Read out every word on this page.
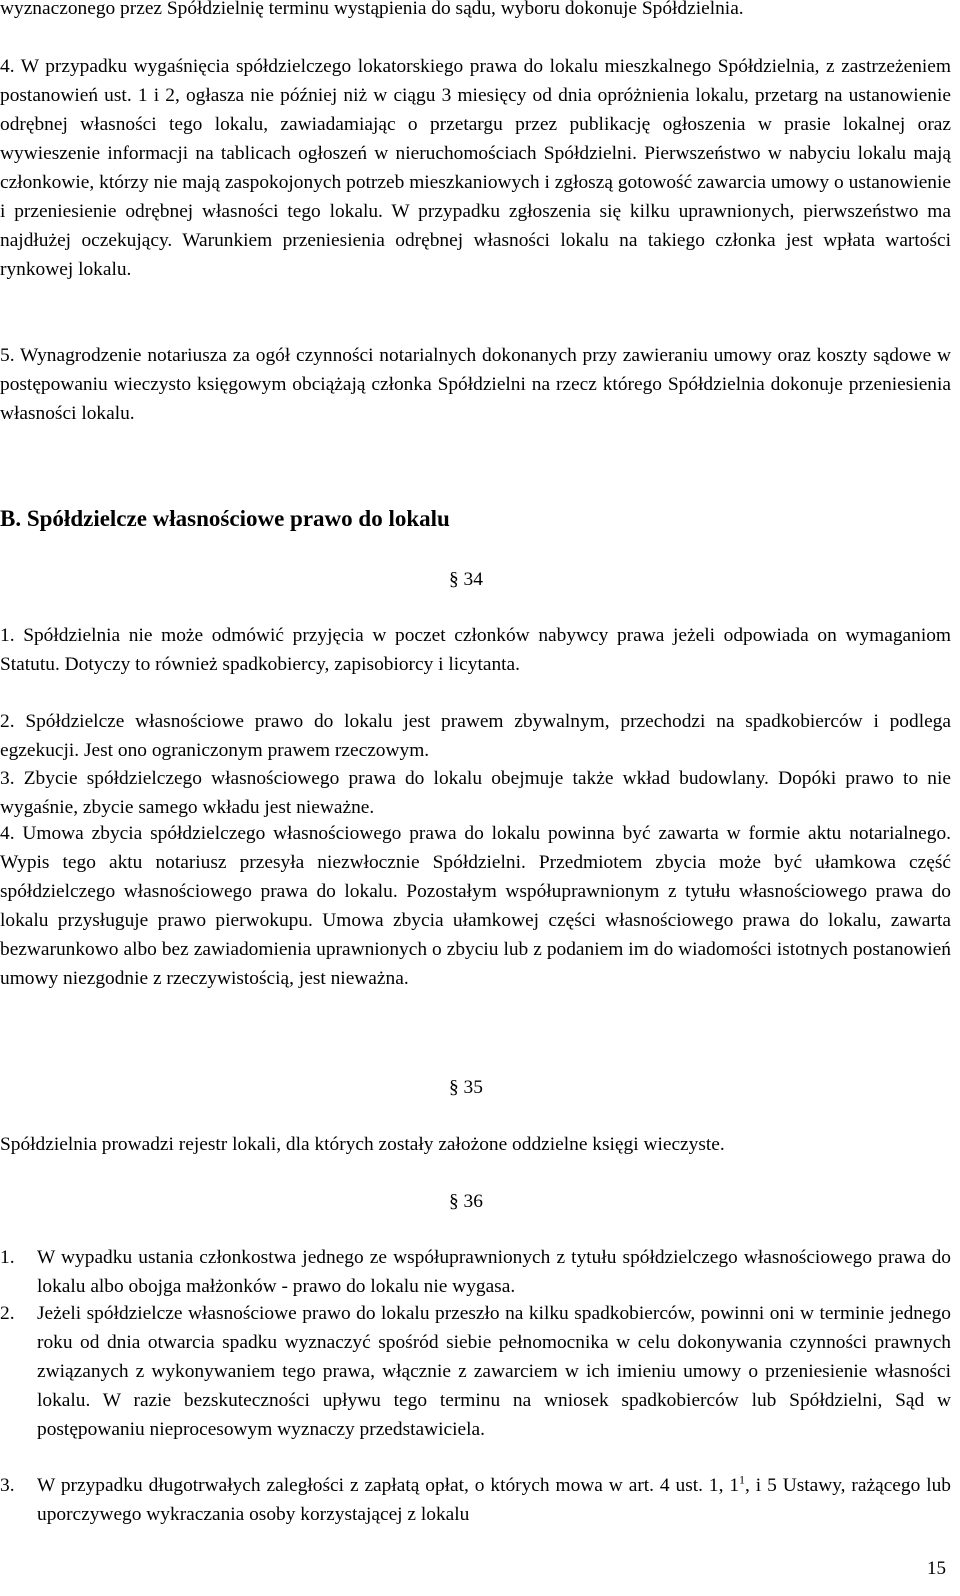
wyznaczonego przez Spółdzielnię terminu wystąpienia do sądu, wyboru dokonuje Spółdzielnia.

4. W przypadku wygaśnięcia spółdzielczego lokatorskiego prawa do lokalu mieszkalnego Spółdzielnia, z zastrzeżeniem postanowień ust. 1 i 2, ogłasza nie później niż w ciągu 3 miesięcy od dnia opróżnienia lokalu, przetarg na ustanowienie odrębnej własności tego lokalu, zawiadamiając o przetargu przez publikację ogłoszenia w prasie lokalnej oraz wywieszenie informacji na tablicach ogłoszeń w nieruchomościach Spółdzielni. Pierwszeństwo w nabyciu lokalu mają członkowie, którzy nie mają zaspokojonych potrzeb mieszkaniowych i zgłoszą gotowość zawarcia umowy o ustanowienie i przeniesienie odrębnej własności tego lokalu. W przypadku zgłoszenia się kilku uprawnionych, pierwszeństwo ma najdłużej oczekujący. Warunkiem przeniesienia odrębnej własności lokalu na takiego członka jest wpłata wartości rynkowej lokalu.

5. Wynagrodzenie notariusza za ogół czynności notarialnych dokonanych przy zawieraniu umowy oraz koszty sądowe w postępowaniu wieczysto księgowym obciążają członka Spółdzielni na rzecz którego Spółdzielnia dokonuje przeniesienia własności lokalu.

B. Spółdzielcze własnościowe prawo do lokalu
§ 34

1. Spółdzielnia nie może odmówić przyjęcia w poczet członków nabywcy prawa jeżeli odpowiada on wymaganiom Statutu. Dotyczy to również spadkobiercy, zapisobiorcy i licytanta.

2. Spółdzielcze własnościowe prawo do lokalu jest prawem zbywalnym, przechodzi na spadkobierców i podlega egzekucji. Jest ono ograniczonym prawem rzeczowym.

3. Zbycie spółdzielczego własnościowego prawa do lokalu obejmuje także wkład budowlany. Dopóki prawo to nie wygaśnie, zbycie samego wkładu jest nieważne.

4. Umowa zbycia spółdzielczego własnościowego prawa do lokalu powinna być zawarta w formie aktu notarialnego. Wypis tego aktu notariusz przesyła niezwłocznie Spółdzielni. Przedmiotem zbycia może być ułamkowa część spółdzielczego własnościowego prawa do lokalu. Pozostałym współuprawnionym z tytułu własnościowego prawa do lokalu przysługuje prawo pierwokupu. Umowa zbycia ułamkowej części własnościowego prawa do lokalu, zawarta bezwarunkowo albo bez zawiadomienia uprawnionych o zbyciu lub z podaniem im do wiadomości istotnych postanowień umowy niezgodnie z rzeczywistością, jest nieważna.

§ 35

Spółdzielnia prowadzi rejestr lokali, dla których zostały założone oddzielne księgi wieczyste.

§ 36
1. W wypadku ustania członkostwa jednego ze współuprawnionych z tytułu spółdzielczego własnościowego prawa do lokalu albo obojga małżonków - prawo do lokalu nie wygasa.

2. Jeżeli spółdzielcze własnościowe prawo do lokalu przeszło na kilku spadkobierców, powinni oni w terminie jednego roku od dnia otwarcia spadku wyznaczyć spośród siebie pełnomocnika w celu dokonywania czynności prawnych związanych z wykonywaniem tego prawa, włącznie z zawarciem w ich imieniu umowy o przeniesienie własności lokalu. W razie bezskuteczności upływu tego terminu na wniosek spadkobierców lub Spółdzielni, Sąd w postępowaniu nieprocesowym wyznaczy przedstawiciela.

3. W przypadku długotrwałych zaległości z zapłatą opłat, o których mowa w art. 4 ust. 1, $1^1$, i 5 Ustawy, rażącego lub uporczywego wykraczania osoby korzystającej z lokalu

15
